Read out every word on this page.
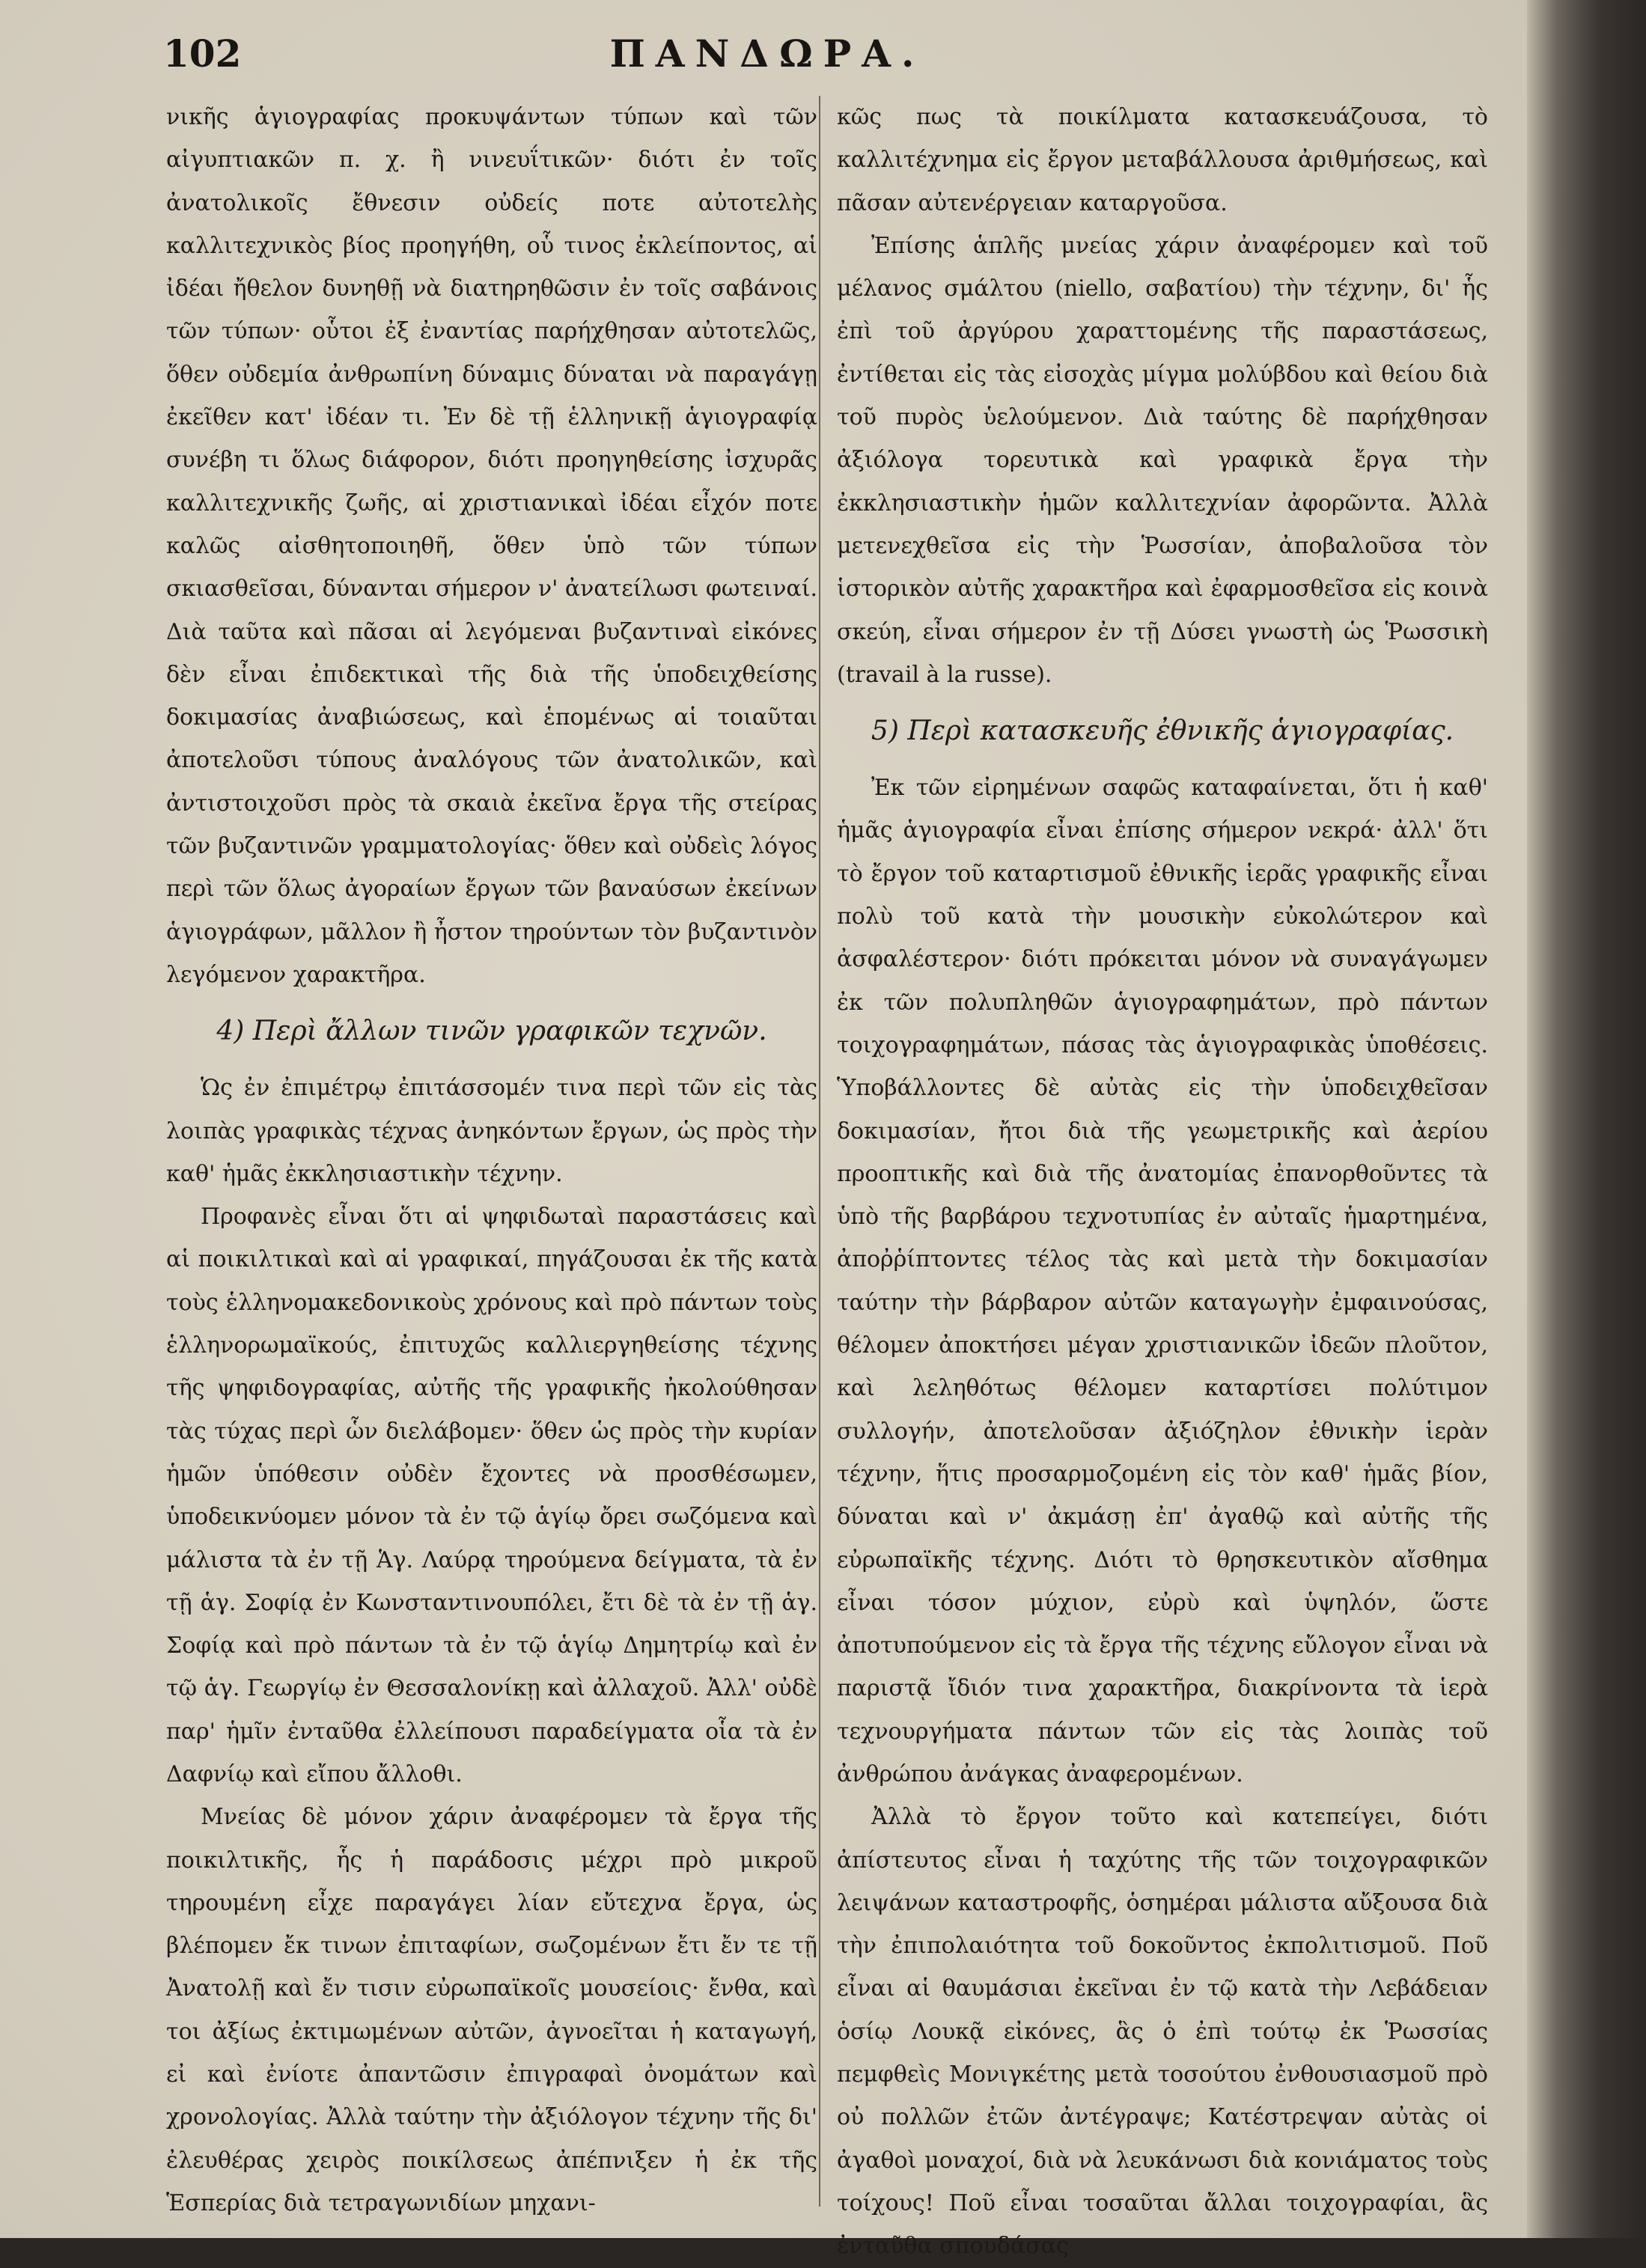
102	ΠΑΝΔΩΡΑ.

νικῆς ἁγιογραφίας προκυψάντων τύπων καὶ τῶν αἰγυπτιακῶν π. χ. ἢ νινευΐτικῶν· διότι ἐν τοῖς ἀνατολικοῖς ἔθνεσιν οὐδείς ποτε αὐτοτελὴς καλλιτεχνικὸς βίος προηγήθη, οὗ τινος ἐκλείποντος, αἱ ἰδέαι ἤθελον δυνηθῇ νὰ διατηρηθῶσιν ἐν τοῖς σαβάνοις τῶν τύπων· οὗτοι ἐξ ἐναντίας παρήχθησαν αὐτοτελῶς, ὅθεν οὐδεμία ἀνθρωπίνη δύναμις δύναται νὰ παραγάγῃ ἐκεῖθεν κατ' ἰδέαν τι. Ἐν δὲ τῇ ἑλληνικῇ ἁγιογραφίᾳ συνέβη τι ὅλως διάφορον, διότι προηγηθείσης ἰσχυρᾶς καλλιτεχνικῆς ζωῆς, αἱ χριστιανικαὶ ἰδέαι εἶχόν ποτε καλῶς αἰσθητοποιηθῆ, ὅθεν ὑπὸ τῶν τύπων σκιασθεῖσαι, δύνανται σήμερον ν' ἀνατείλωσι φωτειναί. Διὰ ταῦτα καὶ πᾶσαι αἱ λεγόμεναι βυζαντιναὶ εἰκόνες δὲν εἶναι ἐπιδεκτικαὶ τῆς διὰ τῆς ὑποδειχθείσης δοκιμασίας ἀναβιώσεως, καὶ ἑπομένως αἱ τοιαῦται ἀποτελοῦσι τύπους ἀναλόγους τῶν ἀνατολικῶν, καὶ ἀντιστοιχοῦσι πρὸς τὰ σκαιὰ ἐκεῖνα ἔργα τῆς στείρας τῶν βυζαντινῶν γραμματολογίας· ὅθεν καὶ οὐδεὶς λόγος περὶ τῶν ὅλως ἀγοραίων ἔργων τῶν βαναύσων ἐκείνων ἁγιογράφων, μᾶλλον ἢ ἦστον τηρούντων τὸν βυζαντινὸν λεγόμενον χαρακτῆρα.

4) Περὶ ἄλλων τινῶν γραφικῶν τεχνῶν.

Ὡς ἐν ἐπιμέτρῳ ἐπιτάσσομέν τινα περὶ τῶν εἰς τὰς λοιπὰς γραφικὰς τέχνας ἀνηκόντων ἔργων, ὡς πρὸς τὴν καθ' ἡμᾶς ἐκκλησιαστικὴν τέχνην.

Προφανὲς εἶναι ὅτι αἱ ψηφιδωταὶ παραστάσεις καὶ αἱ ποικιλτικαὶ καὶ αἱ γραφικαί, πηγάζουσαι ἐκ τῆς κατὰ τοὺς ἑλληνομακεδονικοὺς χρόνους καὶ πρὸ πάντων τοὺς ἑλληνορωμαϊκούς, ἐπιτυχῶς καλλιεργηθείσης τέχνης τῆς ψηφιδογραφίας, αὐτῆς τῆς γραφικῆς ἠκολούθησαν τὰς τύχας περὶ ὧν διελάβομεν· ὅθεν ὡς πρὸς τὴν κυρίαν ἡμῶν ὑπόθεσιν οὐδὲν ἔχοντες νὰ προσθέσωμεν, ὑποδεικνύομεν μόνον τὰ ἐν τῷ ἁγίῳ ὄρει σωζόμενα καὶ μάλιστα τὰ ἐν τῇ Ἁγ. Λαύρᾳ τηρούμενα δείγματα, τὰ ἐν τῇ ἁγ. Σοφίᾳ ἐν Κωνσταντινουπόλει, ἔτι δὲ τὰ ἐν τῇ ἁγ. Σοφίᾳ καὶ πρὸ πάντων τὰ ἐν τῷ ἁγίῳ Δημητρίῳ καὶ ἐν τῷ ἁγ. Γεωργίῳ ἐν Θεσσαλονίκῃ καὶ ἀλλαχοῦ. Ἀλλ' οὐδὲ παρ' ἡμῖν ἐνταῦθα ἐλλείπουσι παραδείγματα οἷα τὰ ἐν Δαφνίῳ καὶ εἴπου ἄλλοθι.

Μνείας δὲ μόνον χάριν ἀναφέρομεν τὰ ἔργα τῆς ποικιλτικῆς, ἧς ἡ παράδοσις μέχρι πρὸ μικροῦ τηρουμένη εἶχε παραγάγει λίαν εὔτεχνα ἔργα, ὡς βλέπομεν ἔκ τινων ἐπιταφίων, σωζομένων ἔτι ἔν τε τῇ Ἀνατολῇ καὶ ἔν τισιν εὐρωπαϊκοῖς μουσείοις· ἔνθα, καὶ τοι ἀξίως ἐκτιμωμένων αὐτῶν, ἀγνοεῖται ἡ καταγωγή, εἰ καὶ ἐνίοτε ἀπαντῶσιν ἐπιγραφαὶ ὀνομάτων καὶ χρονολογίας. Ἀλλὰ ταύτην τὴν ἀξιόλογον τέχνην τῆς δι' ἐλευθέρας χειρὸς ποικίλσεως ἀπέπνιξεν ἡ ἐκ τῆς Ἑσπερίας διὰ τετραγωνιδίων μηχανι-

κῶς πως τὰ ποικίλματα κατασκευάζουσα, τὸ καλλιτέχνημα εἰς ἔργον μεταβάλλουσα ἀριθμήσεως, καὶ πᾶσαν αὐτενέργειαν καταργοῦσα.

Ἐπίσης ἁπλῆς μνείας χάριν ἀναφέρομεν καὶ τοῦ μέλανος σμάλτου (niello, σαβατίου) τὴν τέχνην, δι' ἧς ἐπὶ τοῦ ἀργύρου χαραττομένης τῆς παραστάσεως, ἐντίθεται εἰς τὰς εἰσοχὰς μίγμα μολύβδου καὶ θείου διὰ τοῦ πυρὸς ὑελούμενον. Διὰ ταύτης δὲ παρήχθησαν ἀξιόλογα τορευτικὰ καὶ γραφικὰ ἔργα τὴν ἐκκλησιαστικὴν ἡμῶν καλλιτεχνίαν ἀφορῶντα. Ἀλλὰ μετενεχθεῖσα εἰς τὴν Ῥωσσίαν, ἀποβαλοῦσα τὸν ἱστορικὸν αὐτῆς χαρακτῆρα καὶ ἐφαρμοσθεῖσα εἰς κοινὰ σκεύη, εἶναι σήμερον ἐν τῇ Δύσει γνωστὴ ὡς Ῥωσσικὴ (travail à la russe).

5) Περὶ κατασκευῆς ἐθνικῆς ἁγιογραφίας.

Ἐκ τῶν εἰρημένων σαφῶς καταφαίνεται, ὅτι ἡ καθ' ἡμᾶς ἁγιογραφία εἶναι ἐπίσης σήμερον νεκρά· ἀλλ' ὅτι τὸ ἔργον τοῦ καταρτισμοῦ ἐθνικῆς ἱερᾶς γραφικῆς εἶναι πολὺ τοῦ κατὰ τὴν μουσικὴν εὐκολώτερον καὶ ἀσφαλέστερον· διότι πρόκειται μόνον νὰ συναγάγωμεν ἐκ τῶν πολυπληθῶν ἁγιογραφημάτων, πρὸ πάντων τοιχογραφημάτων, πάσας τὰς ἁγιογραφικὰς ὑποθέσεις. Ὑποβάλλοντες δὲ αὐτὰς εἰς τὴν ὑποδειχθεῖσαν δοκιμασίαν, ἤτοι διὰ τῆς γεωμετρικῆς καὶ ἀερίου προοπτικῆς καὶ διὰ τῆς ἀνατομίας ἐπανορθοῦντες τὰ ὑπὸ τῆς βαρβάρου τεχνοτυπίας ἐν αὐταῖς ἡμαρτημένα, ἀποῤῥίπτοντες τέλος τὰς καὶ μετὰ τὴν δοκιμασίαν ταύτην τὴν βάρβαρον αὐτῶν καταγωγὴν ἐμφαινούσας, θέλομεν ἀποκτήσει μέγαν χριστιανικῶν ἰδεῶν πλοῦτον, καὶ λεληθότως θέλομεν καταρτίσει πολύτιμον συλλογήν, ἀποτελοῦσαν ἀξιόζηλον ἐθνικὴν ἱερὰν τέχνην, ἥτις προσαρμοζομένη εἰς τὸν καθ' ἡμᾶς βίον, δύναται καὶ ν' ἀκμάσῃ ἐπ' ἀγαθῷ καὶ αὐτῆς τῆς εὐρωπαϊκῆς τέχνης. Διότι τὸ θρησκευτικὸν αἴσθημα εἶναι τόσον μύχιον, εὐρὺ καὶ ὑψηλόν, ὥστε ἀποτυπούμενον εἰς τὰ ἔργα τῆς τέχνης εὔλογον εἶναι νὰ παριστᾷ ἴδιόν τινα χαρακτῆρα, διακρίνοντα τὰ ἱερὰ τεχνουργήματα πάντων τῶν εἰς τὰς λοιπὰς τοῦ ἀνθρώπου ἀνάγκας ἀναφερομένων.

Ἀλλὰ τὸ ἔργον τοῦτο καὶ κατεπείγει, διότι ἀπίστευτος εἶναι ἡ ταχύτης τῆς τῶν τοιχογραφικῶν λειψάνων καταστροφῆς, ὁσημέραι μάλιστα αὔξουσα διὰ τὴν ἐπιπολαιότητα τοῦ δοκοῦντος ἐκπολιτισμοῦ. Ποῦ εἶναι αἱ θαυμάσιαι ἐκεῖναι ἐν τῷ κατὰ τὴν Λεβάδειαν ὁσίῳ Λουκᾷ εἰκόνες, ἃς ὁ ἐπὶ τούτῳ ἐκ Ῥωσσίας πεμφθεὶς Μονιγκέτης μετὰ τοσούτου ἐνθουσιασμοῦ πρὸ οὐ πολλῶν ἐτῶν ἀντέγραψε; Κατέστρεψαν αὐτὰς οἱ ἀγαθοὶ μοναχοί, διὰ νὰ λευκάνωσι διὰ κονιάματος τοὺς τοίχους! Ποῦ εἶναι τοσαῦται ἄλλαι τοιχογραφίαι, ἃς ἐνταῦθα σπουδάσας
